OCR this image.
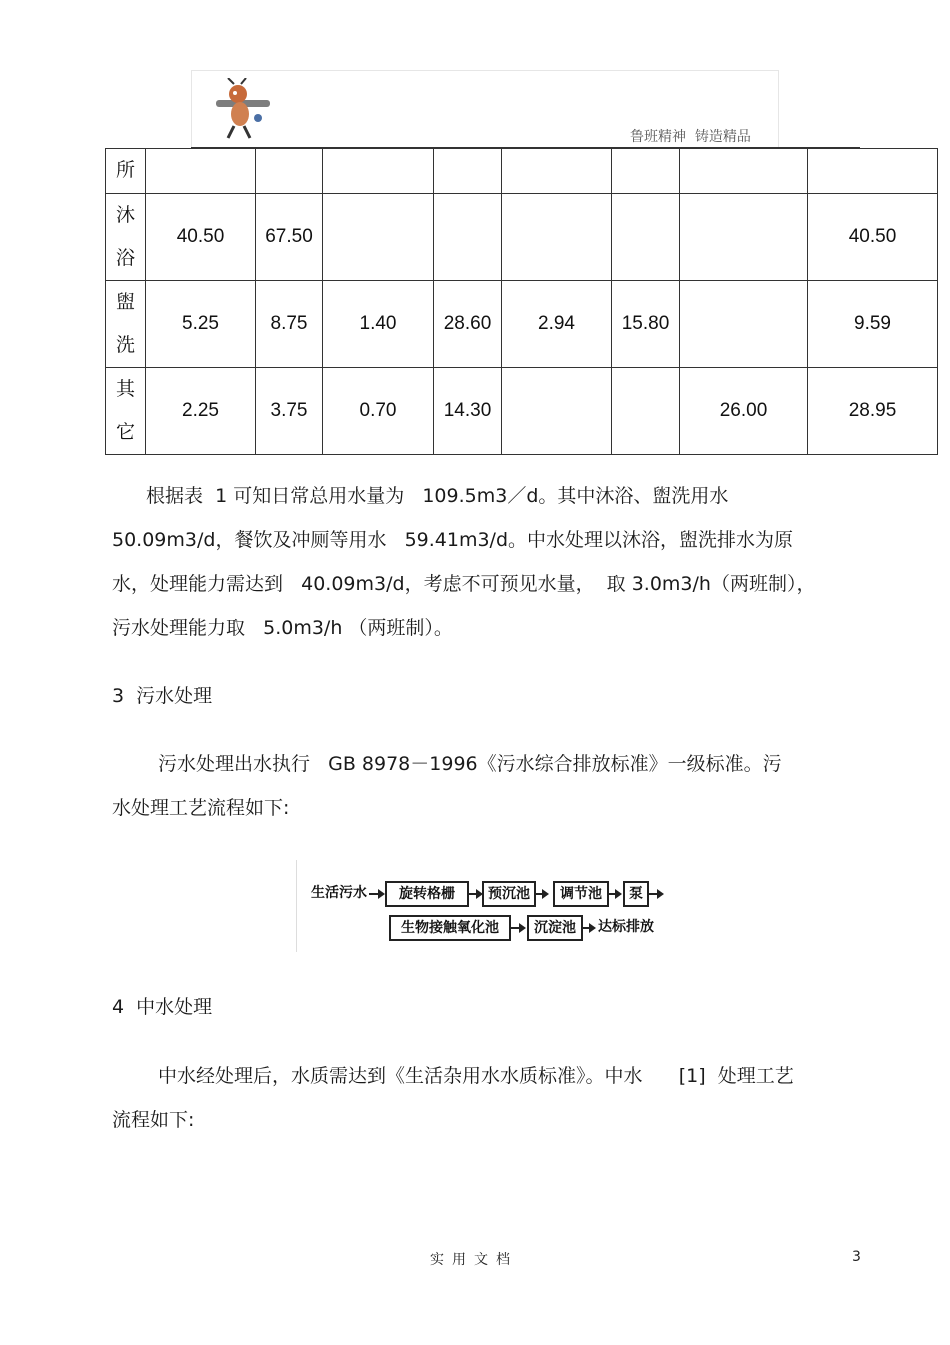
鲁班精神  铸造精品
所								

沐
浴	40.50	67.50						40.50

盥
洗	5.25	8.75	1.40	28.60	2.94	15.80		9.59

其
它	2.25	3.75	0.70	14.30			26.00	28.95
根据表  1 可知日常总用水量为   109.5m3／d。其中沐浴、盥洗用水
50.09m3/d，餐饮及冲厕等用水   59.41m3/d。中水处理以沐浴，盥洗排水为原
水，处理能力需达到   40.09m3/d，考虑不可预见水量，  取 3.0m3/h（两班制），
污水处理能力取   5.0m3/h （两班制）。
3  污水处理
污水处理出水执行   GB 8978－1996《污水综合排放标准》一级标准。污
水处理工艺流程如下:
生活污水	旋转格栅	预沉池	调节池	泵
生物接触氧化池	沉淀池	达标排放
4  中水处理
中水经处理后，水质需达到《生活杂用水水质标准》。中水      [1]  处理工艺
流程如下:
实用文档	3
